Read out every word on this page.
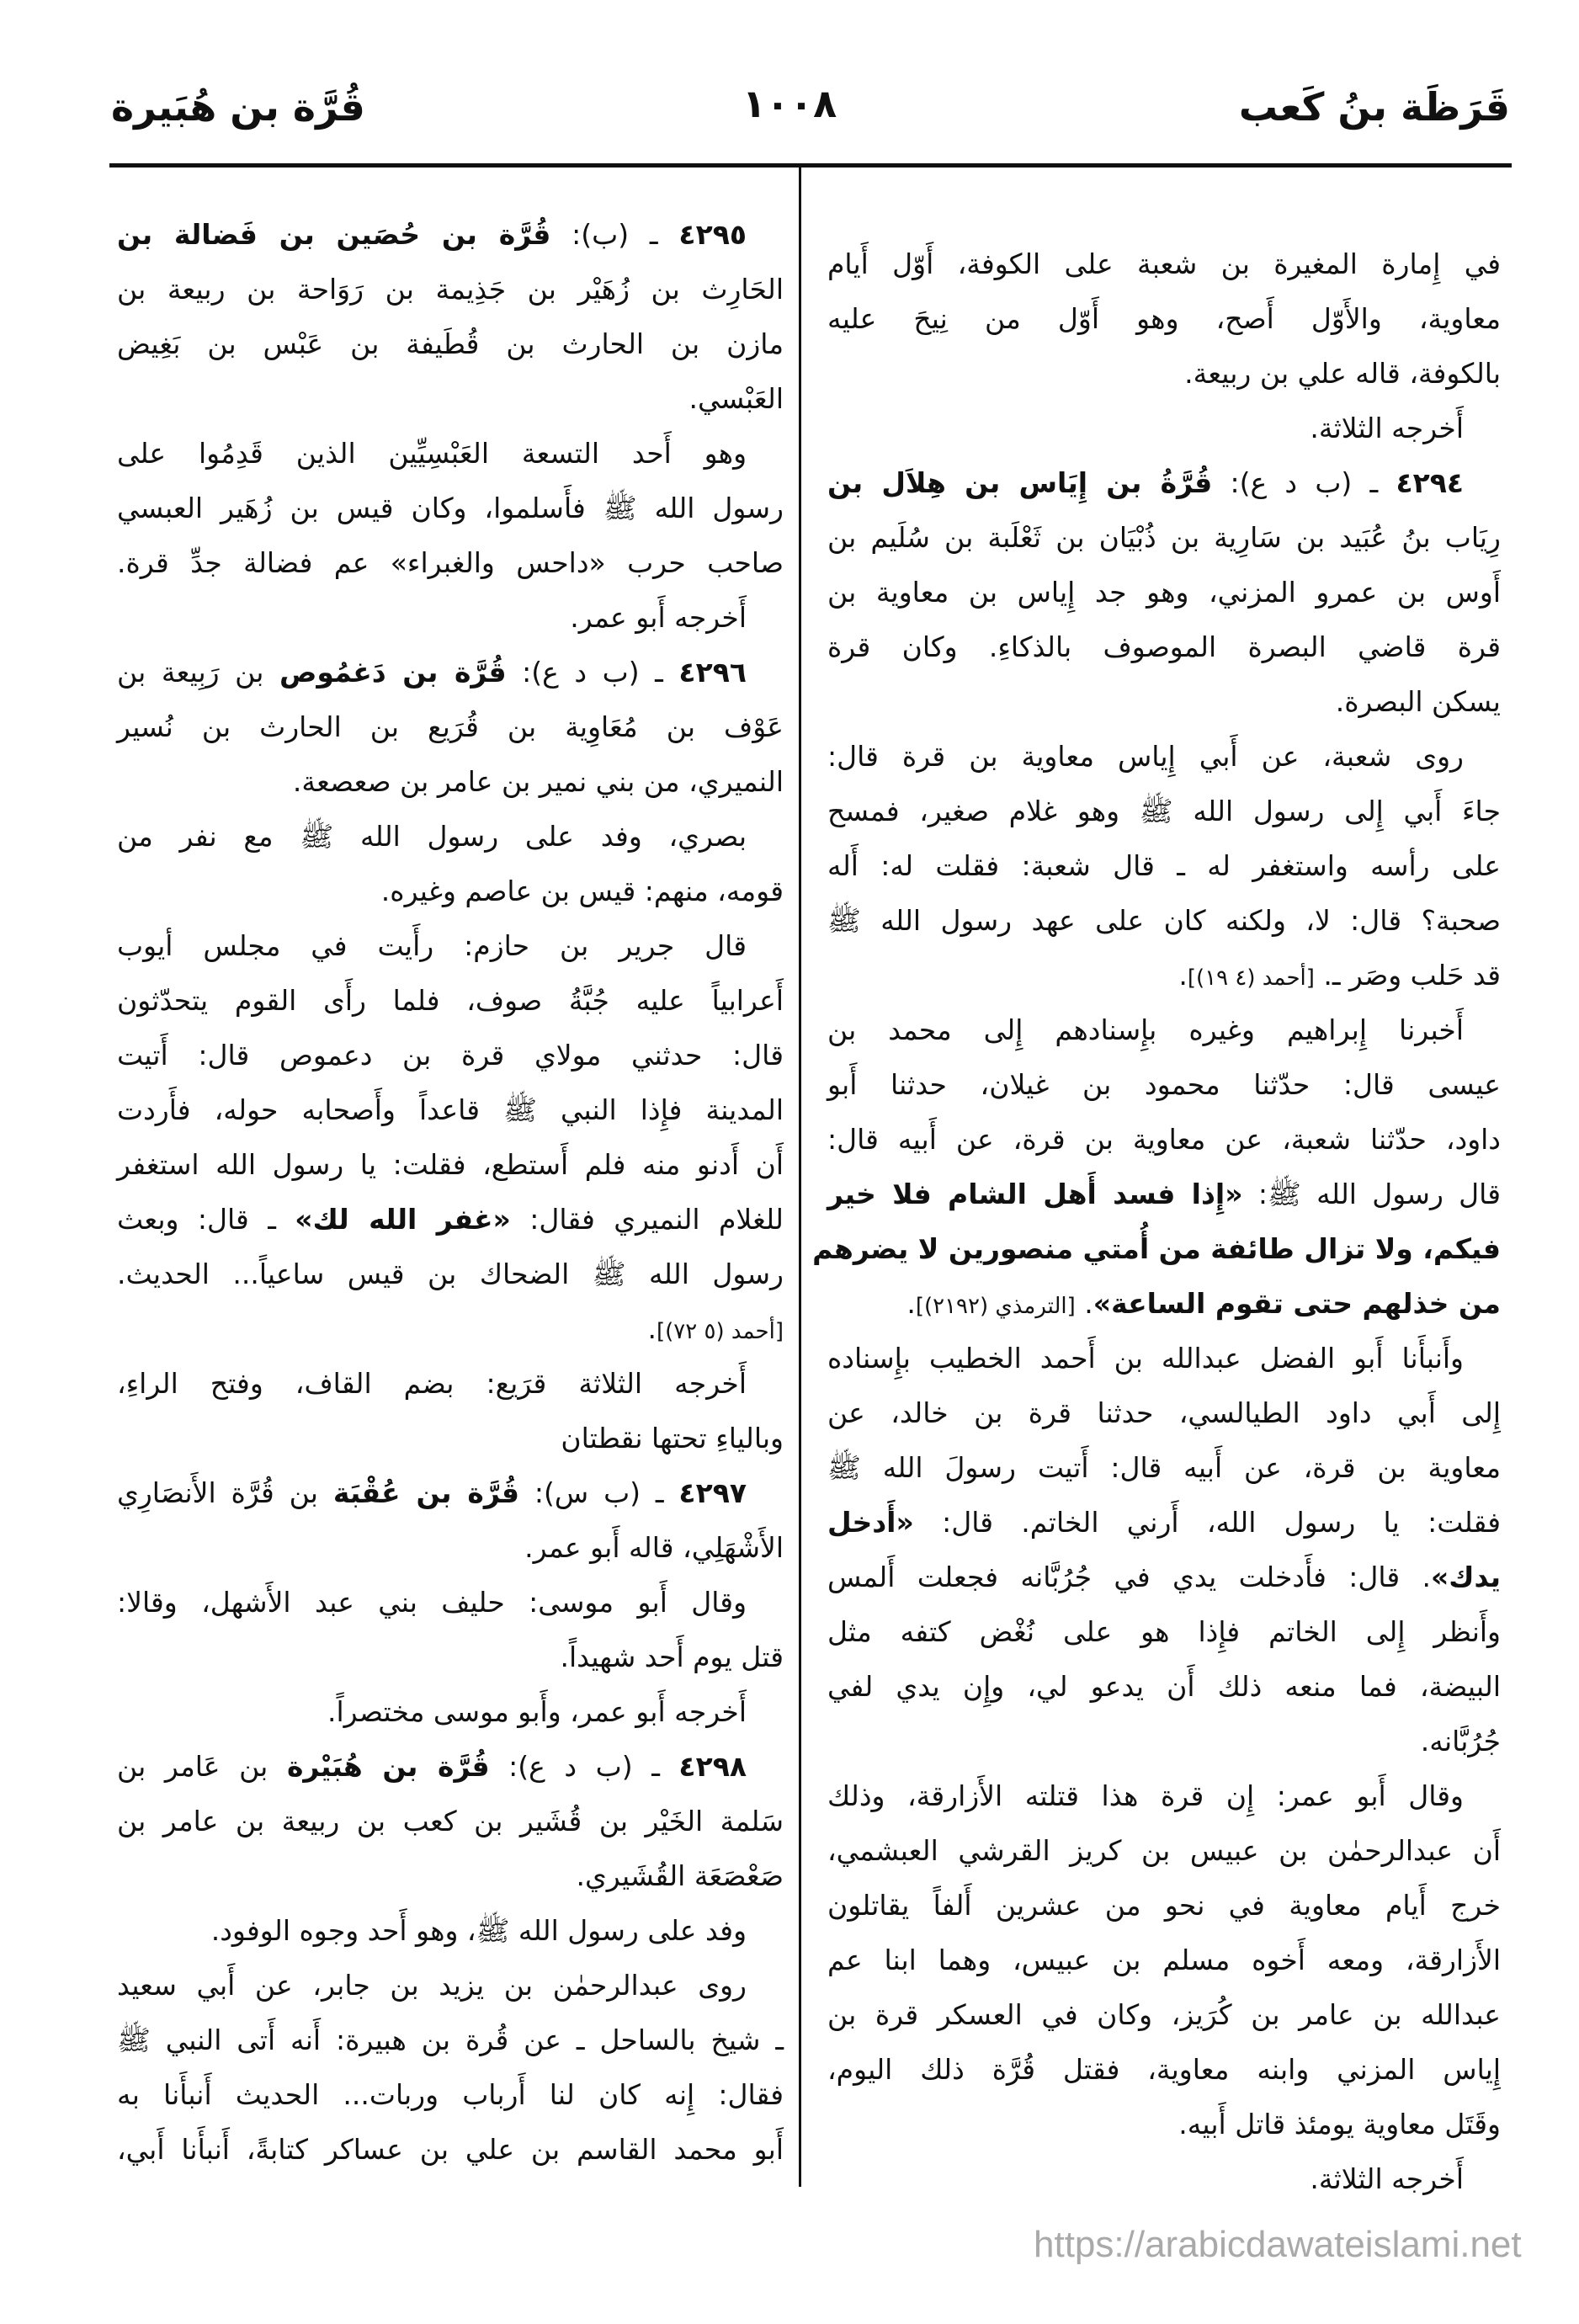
قَرَظَة بنُ كَعب
١٠٠٨
قُرَّة بن هُبَيرة
في إِمارة المغيرة بن شعبة على الكوفة، أَوّل أَيام
معاوية، والأَوّل أَصح، وهو أَوّل من نِيحَ عليه
بالكوفة، قاله علي بن ربيعة.
أَخرجه الثلاثة.
٤٢٩٤ ـ (ب د ع): قُرَّةُ بن إِيَاس بن هِلاَل بن
رِيَاب بنُ عُبَيد بن سَارِية بن ذُبْيَان بن ثَعْلَبة بن سُلَيم بن
أَوس بن عمرو المزني، وهو جد إِياس بن معاوية بن
قرة قاضي البصرة الموصوف بالذكاءِ. وكان قرة
يسكن البصرة.
روى شعبة، عن أَبي إِياس معاوية بن قرة قال:
جاءَ أَبي إِلى رسول الله ﷺ وهو غلام صغير، فمسح
على رأسه واستغفر له ـ قال شعبة: فقلت له: أَله
صحبة؟ قال: لا، ولكنه كان على عهد رسول الله ﷺ
قد حَلب وصَر ـ. [أحمد (٤ ١٩)].
أَخبرنا إِبراهيم وغيره بإِسنادهم إِلى محمد بن
عيسى قال: حدّثنا محمود بن غيلان، حدثنا أَبو
داود، حدّثنا شعبة، عن معاوية بن قرة، عن أَبيه قال:
قال رسول الله ﷺ: «إِذا فسد أَهل الشام فلا خير
فيكم، ولا تزال طائفة من أُمتي منصورين لا يضرهم
من خذلهم حتى تقوم الساعة». [الترمذي (٢١٩٢)].
وأَنبأَنا أَبو الفضل عبدالله بن أَحمد الخطيب بإِسناده
إِلى أَبي داود الطيالسي، حدثنا قرة بن خالد، عن
معاوية بن قرة، عن أَبيه قال: أَتيت رسولَ الله ﷺ
فقلت: يا رسول الله، أَرني الخاتم. قال: «أَدخل
يدك». قال: فأَدخلت يدي في جُرُبَّانه فجعلت أَلمس
وأَنظر إِلى الخاتم فإِذا هو على نُغْض كتفه مثل
البيضة، فما منعه ذلك أَن يدعو لي، وإِن يدي لفي
جُرُبَّانه.
وقال أَبو عمر: إِن قرة هذا قتلته الأَزارقة، وذلك
أَن عبدالرحمٰن بن عبيس بن كريز القرشي العبشمي،
خرج أَيام معاوية في نحو من عشرين أَلفاً يقاتلون
الأَزارقة، ومعه أَخوه مسلم بن عبيس، وهما ابنا عم
عبدالله بن عامر بن كُرَيز، وكان في العسكر قرة بن
إِياس المزني وابنه معاوية، فقتل قُرَّة ذلك اليوم،
وقَتَل معاوية يومئذ قاتل أَبيه.
أَخرجه الثلاثة.
٤٢٩٥ ـ (ب): قُرَّة بن حُصَين بن فَضالة بن
الحَارِث بن زُهَيْر بن جَذِيمة بن رَوَاحة بن ربيعة بن
مازن بن الحارث بن قُطَيفة بن عَبْس بن بَغِيض
العَبْسي.
وهو أَحد التسعة العَبْسِيِّين الذين قَدِمُوا على
رسول الله ﷺ فأَسلموا، وكان قيس بن زُهَير العبسي
صاحب حرب «داحس والغبراء» عم فضالة جدِّ قرة.
أَخرجه أَبو عمر.
٤٢٩٦ ـ (ب د ع): قُرَّة بن دَغمُوص بن رَبِيعة بن
عَوْف بن مُعَاوِية بن قُرَيع بن الحارث بن نُسير
النميري، من بني نمير بن عامر بن صعصعة.
بصري، وفد على رسول الله ﷺ مع نفر من
قومه، منهم: قيس بن عاصم وغيره.
قال جرير بن حازم: رأَيت في مجلس أيوب
أَعرابياً عليه جُبَّةُ صوف، فلما رأَى القوم يتحدّثون
قال: حدثني مولاي قرة بن دعموص قال: أَتيت
المدينة فإِذا النبي ﷺ قاعداً وأَصحابه حوله، فأَردت
أَن أَدنو منه فلم أَستطع، فقلت: يا رسول الله استغفر
للغلام النميري فقال: «غفر الله لك» ـ قال: وبعث
رسول الله ﷺ الضحاك بن قيس ساعياً... الحديث.
[أحمد (٥ ٧٢)].
أَخرجه الثلاثة قرَيع: بضم القاف، وفتح الراءِ،
وبالياءِ تحتها نقطتان
٤٢٩٧ ـ (ب س): قُرَّة بن عُقْبَة بن قُرَّة الأَنصَارِي
الأَشْهَلِي، قاله أَبو عمر.
وقال أَبو موسى: حليف بني عبد الأَشهل، وقالا:
قتل يوم أَحد شهيداً.
أَخرجه أَبو عمر، وأَبو موسى مختصراً.
٤٢٩٨ ـ (ب د ع): قُرَّة بن هُبَيْرة بن عَامر بن
سَلمة الخَيْر بن قُشَير بن كعب بن ربيعة بن عامر بن
صَعْصَعَة القُشَيري.
وفد على رسول الله ﷺ، وهو أَحد وجوه الوفود.
روى عبدالرحمٰن بن يزيد بن جابر، عن أَبي سعيد
ـ شيخ بالساحل ـ عن قُرة بن هبيرة: أَنه أَتى النبي ﷺ
فقال: إِنه كان لنا أَرباب وربات... الحديث أَنبأَنا به
أَبو محمد القاسم بن علي بن عساكر كتابةً، أَنبأَنا أَبي،
https://arabicdawateislami.net
